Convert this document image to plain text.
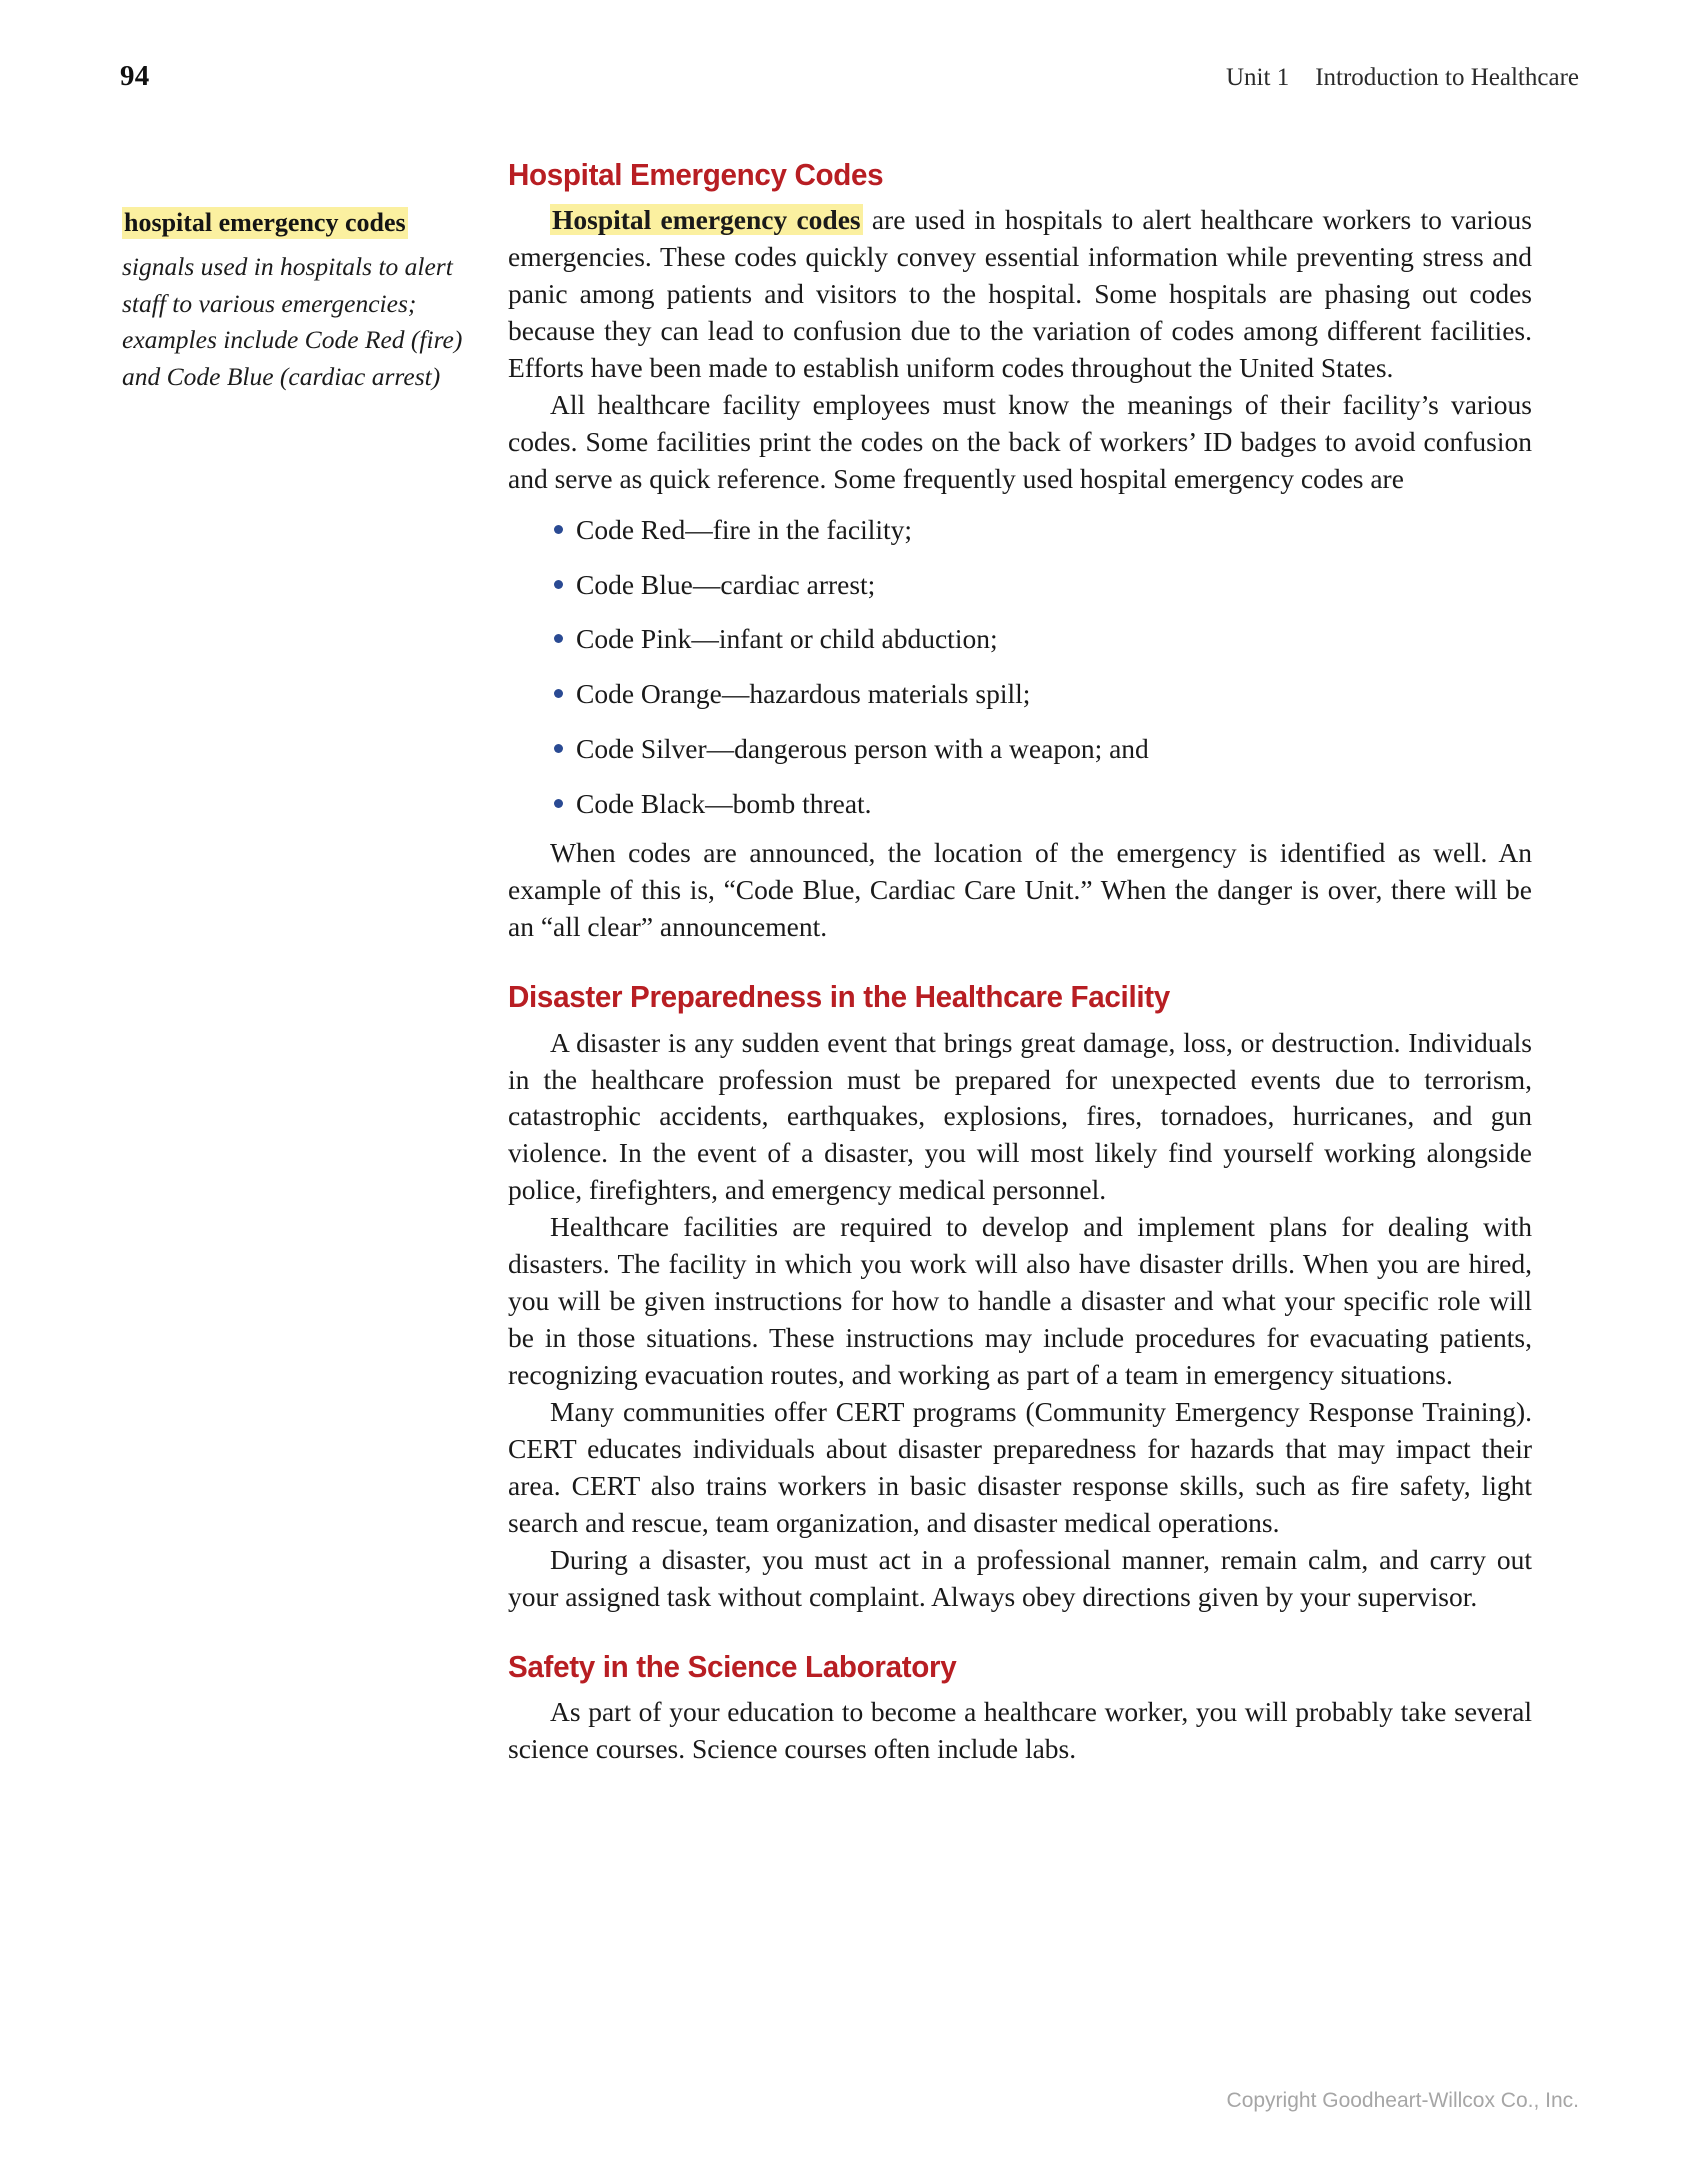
94	Unit 1 Introduction to Healthcare
hospital emergency codes
signals used in hospitals to alert staff to various emergencies; examples include Code Red (fire) and Code Blue (cardiac arrest)
Hospital Emergency Codes

Hospital emergency codes are used in hospitals to alert healthcare workers to various emergencies. These codes quickly convey essential information while preventing stress and panic among patients and visitors to the hospital. Some hospitals are phasing out codes because they can lead to confusion due to the variation of codes among different facilities. Efforts have been made to establish uniform codes throughout the United States.

All healthcare facility employees must know the meanings of their facility’s various codes. Some facilities print the codes on the back of workers’ ID badges to avoid confusion and serve as quick reference. Some frequently used hospital emergency codes are

Code Red—fire in the facility;
Code Blue—cardiac arrest;
Code Pink—infant or child abduction;
Code Orange—hazardous materials spill;
Code Silver—dangerous person with a weapon; and
Code Black—bomb threat.

When codes are announced, the location of the emergency is identified as well. An example of this is, “Code Blue, Cardiac Care Unit.” When the danger is over, there will be an “all clear” announcement.

Disaster Preparedness in the Healthcare Facility

A disaster is any sudden event that brings great damage, loss, or destruction. Individuals in the healthcare profession must be prepared for unexpected events due to terrorism, catastrophic accidents, earthquakes, explosions, fires, tornadoes, hurricanes, and gun violence. In the event of a disaster, you will most likely find yourself working alongside police, firefighters, and emergency medical personnel.

Healthcare facilities are required to develop and implement plans for dealing with disasters. The facility in which you work will also have disaster drills. When you are hired, you will be given instructions for how to handle a disaster and what your specific role will be in those situations. These instructions may include procedures for evacuating patients, recognizing evacuation routes, and working as part of a team in emergency situations.

Many communities offer CERT programs (Community Emergency Response Training). CERT educates individuals about disaster preparedness for hazards that may impact their area. CERT also trains workers in basic disaster response skills, such as fire safety, light search and rescue, team organization, and disaster medical operations.

During a disaster, you must act in a professional manner, remain calm, and carry out your assigned task without complaint. Always obey directions given by your supervisor.

Safety in the Science Laboratory

As part of your education to become a healthcare worker, you will probably take several science courses. Science courses often include labs.

Copyright Goodheart-Willcox Co., Inc.
